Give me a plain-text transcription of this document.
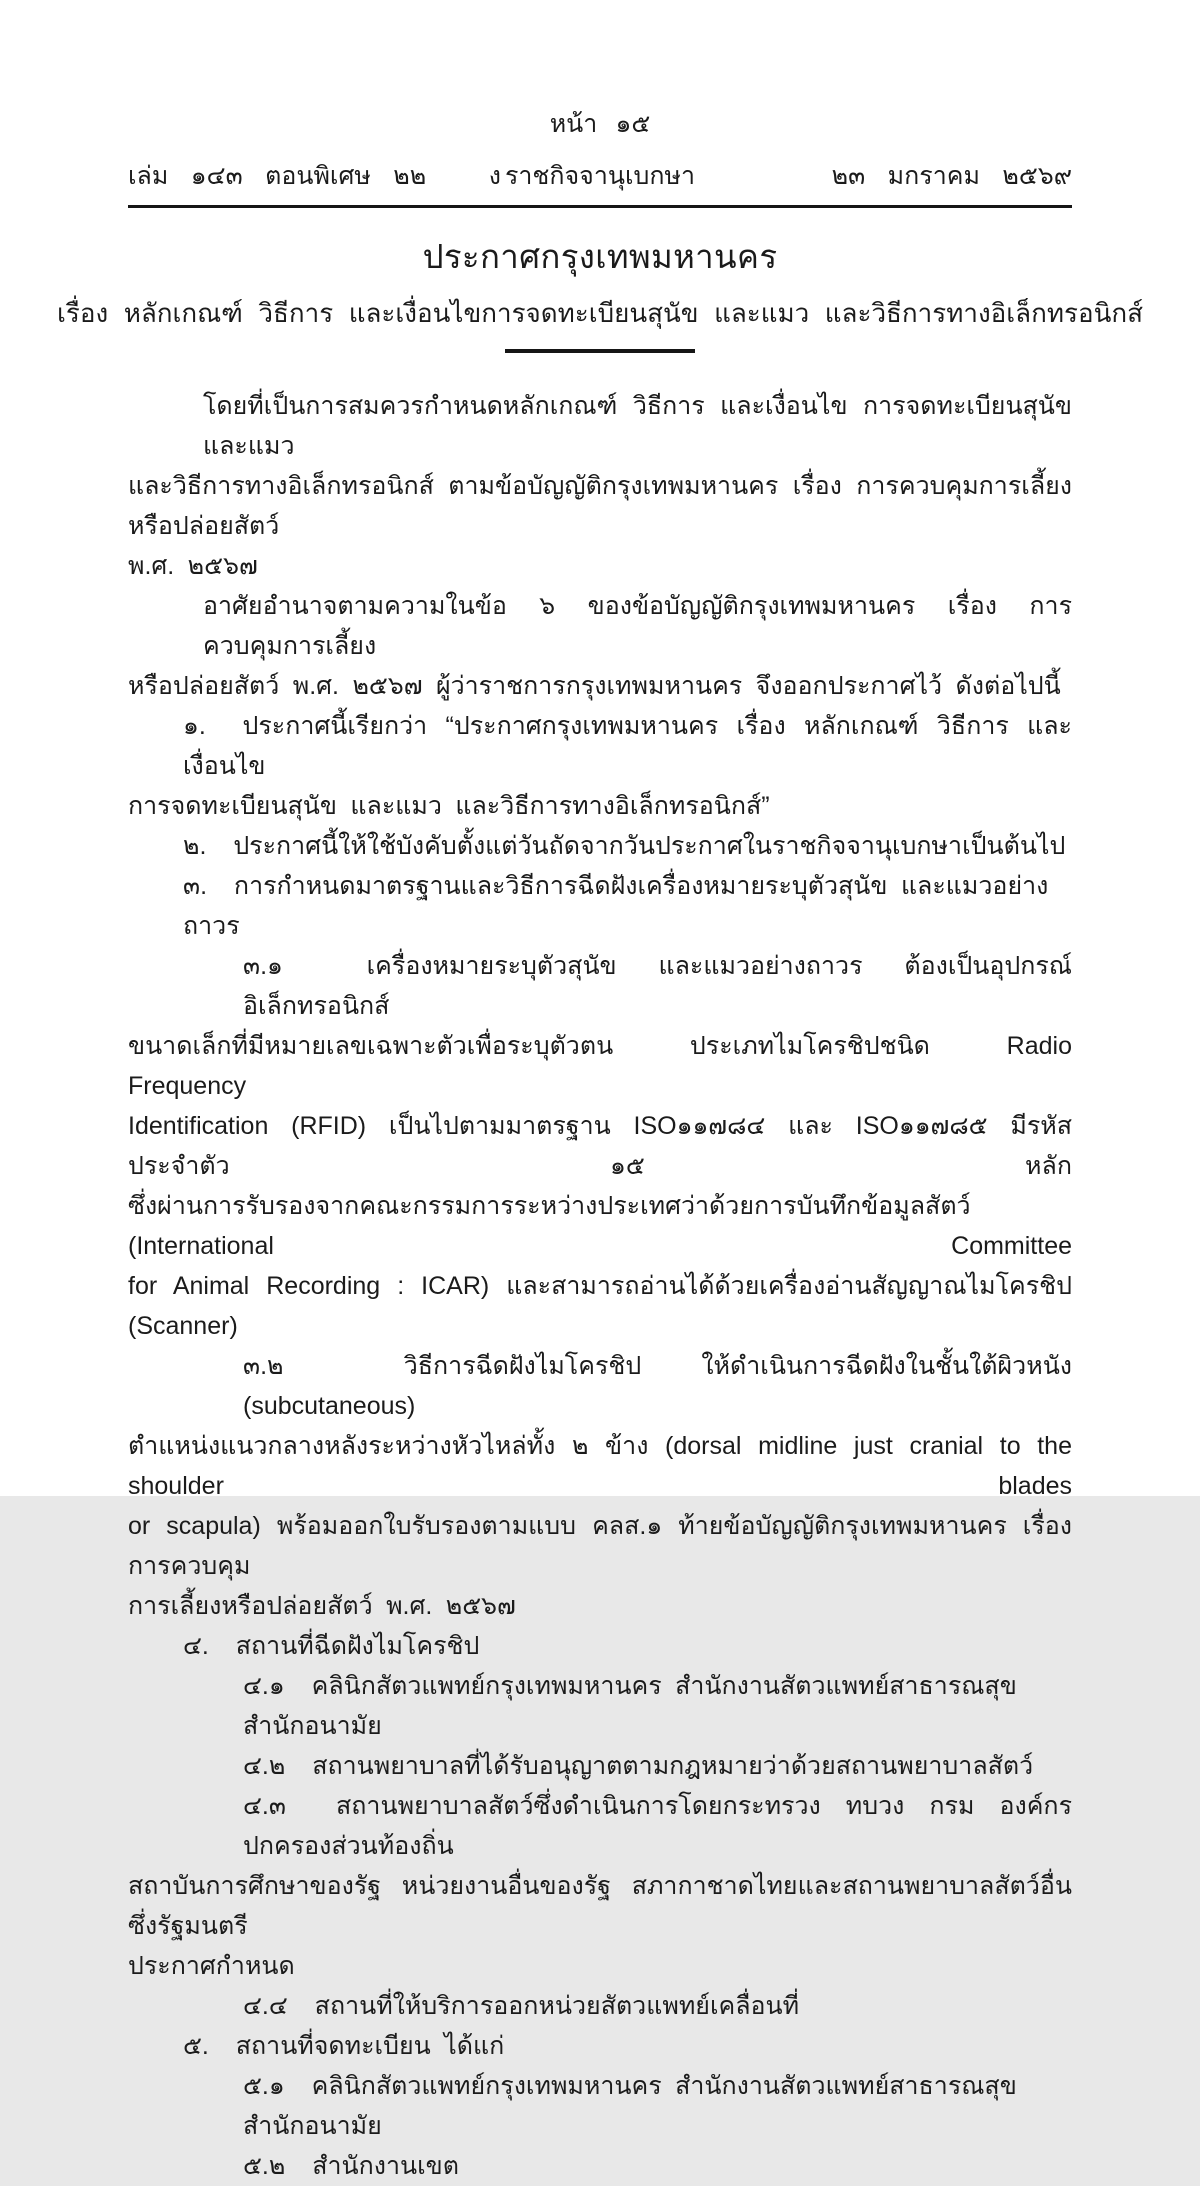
หน้า ๑๕
เล่ม ๑๔๓ ตอนพิเศษ ๒๒ ง ราชกิจจานุเบกษา	๒๓ มกราคม ๒๕๖๙
ประกาศกรุงเทพมหานคร
เรื่อง หลักเกณฑ์ วิธีการ และเงื่อนไขการจดทะเบียนสุนัข และแมว และวิธีการทางอิเล็กทรอนิกส์
โดยที่เป็นการสมควรกำหนดหลักเกณฑ์ วิธีการ และเงื่อนไข การจดทะเบียนสุนัข และแมว
และวิธีการทางอิเล็กทรอนิกส์ ตามข้อบัญญัติกรุงเทพมหานคร เรื่อง การควบคุมการเลี้ยงหรือปล่อยสัตว์
พ.ศ. ๒๕๖๗
อาศัยอำนาจตามความในข้อ ๖ ของข้อบัญญัติกรุงเทพมหานคร เรื่อง การควบคุมการเลี้ยง
หรือปล่อยสัตว์ พ.ศ. ๒๕๖๗ ผู้ว่าราชการกรุงเทพมหานคร จึงออกประกาศไว้ ดังต่อไปนี้
๑.  ประกาศนี้เรียกว่า “ประกาศกรุงเทพมหานคร เรื่อง หลักเกณฑ์ วิธีการ และเงื่อนไข
การจดทะเบียนสุนัข และแมว และวิธีการทางอิเล็กทรอนิกส์”
๒.  ประกาศนี้ให้ใช้บังคับตั้งแต่วันถัดจากวันประกาศในราชกิจจานุเบกษาเป็นต้นไป
๓.  การกำหนดมาตรฐานและวิธีการฉีดฝังเครื่องหมายระบุตัวสุนัข และแมวอย่างถาวร
๓.๑  เครื่องหมายระบุตัวสุนัข และแมวอย่างถาวร ต้องเป็นอุปกรณ์อิเล็กทรอนิกส์
ขนาดเล็กที่มีหมายเลขเฉพาะตัวเพื่อระบุตัวตน ประเภทไมโครชิปชนิด Radio Frequency
Identification (RFID) เป็นไปตามมาตรฐาน ISO๑๑๗๘๔ และ ISO๑๑๗๘๕ มีรหัสประจำตัว ๑๕ หลัก
ซึ่งผ่านการรับรองจากคณะกรรมการระหว่างประเทศว่าด้วยการบันทึกข้อมูลสัตว์ (International Committee
for Animal Recording : ICAR) และสามารถอ่านได้ด้วยเครื่องอ่านสัญญาณไมโครชิป (Scanner)
๓.๒  วิธีการฉีดฝังไมโครชิป ให้ดำเนินการฉีดฝังในชั้นใต้ผิวหนัง (subcutaneous)
ตำแหน่งแนวกลางหลังระหว่างหัวไหล่ทั้ง ๒ ข้าง (dorsal midline just cranial to the shoulder blades
or scapula) พร้อมออกใบรับรองตามแบบ คลส.๑ ท้ายข้อบัญญัติกรุงเทพมหานคร เรื่อง การควบคุม
การเลี้ยงหรือปล่อยสัตว์ พ.ศ. ๒๕๖๗
๔.  สถานที่ฉีดฝังไมโครชิป
๔.๑  คลินิกสัตวแพทย์กรุงเทพมหานคร สำนักงานสัตวแพทย์สาธารณสุข สำนักอนามัย
๔.๒  สถานพยาบาลที่ได้รับอนุญาตตามกฎหมายว่าด้วยสถานพยาบาลสัตว์
๔.๓  สถานพยาบาลสัตว์ซึ่งดำเนินการโดยกระทรวง ทบวง กรม องค์กรปกครองส่วนท้องถิ่น
สถาบันการศึกษาของรัฐ หน่วยงานอื่นของรัฐ สภากาชาดไทยและสถานพยาบาลสัตว์อื่น ซึ่งรัฐมนตรี
ประกาศกำหนด
๔.๔  สถานที่ให้บริการออกหน่วยสัตวแพทย์เคลื่อนที่
๕.  สถานที่จดทะเบียน ได้แก่
๕.๑  คลินิกสัตวแพทย์กรุงเทพมหานคร สำนักงานสัตวแพทย์สาธารณสุข สำนักอนามัย
๕.๒  สำนักงานเขต
